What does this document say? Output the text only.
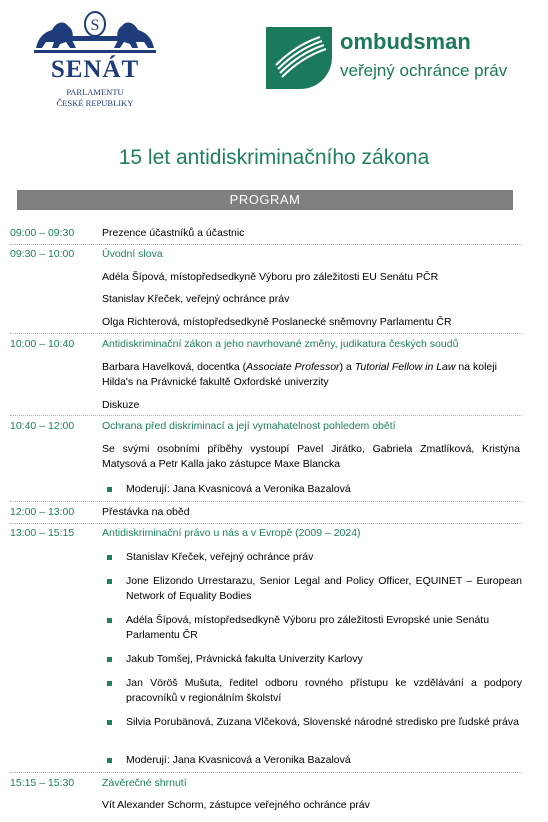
S
SENÁT
PARLAMENTU
ČESKÉ REPUBLIKY
ombudsman
veřejný ochránce práv
15 let antidiskriminačního zákona
PROGRAM
09:00 – 09:30	Prezence účastníků a účastnic
09:30 – 10:00	Úvodní slova
Adéla Šípová, místopředsedkyně Výboru pro záležitosti EU Senátu PČR
Stanislav Křeček, veřejný ochránce práv
Olga Richterová, místopředsedkyně Poslanecké sněmovny Parlamentu ČR
10:00 – 10:40	Antidiskriminační zákon a jeho navrhované změny, judikatura českých soudů
Barbara Havelková, docentka (Associate Professor) a Tutorial Fellow in Law na koleji Hilda's na Právnické fakultě Oxfordské univerzity
Diskuze
10:40 – 12:00	Ochrana před diskriminací a její vymahatelnost pohledem obětí
Se svými osobními příběhy vystoupí Pavel Jirátko, Gabriela Zmatlíková, Kristýna Matysová a Petr Kalla jako zástupce Maxe Blancka
Moderují: Jana Kvasnicová a Veronika Bazalová
12:00 – 13:00	Přestávka na oběd
13:00 – 15:15	Antidiskriminační právo u nás a v Evropě (2009 – 2024)
Stanislav Křeček, veřejný ochránce práv
Jone Elizondo Urrestarazu, Senior Legal and Policy Officer, EQUINET – European Network of Equality Bodies
Adéla Šípová, místopředsedkyně Výboru pro záležitosti Evropské unie Senátu Parlamentu ČR
Jakub Tomšej, Právnická fakulta Univerzity Karlovy
Jan Vöröš Mušuta, ředitel odboru rovného přístupu ke vzdělávání a podpory pracovníků v regionálním školství
Silvia Porubänová, Zuzana Vlčeková, Slovenské národné stredisko pre ľudské práva
Moderují: Jana Kvasnicová a Veronika Bazalová
15:15 – 15:30	Závěrečné shrnutí
Vít Alexander Schorm, zástupce veřejného ochránce práv
